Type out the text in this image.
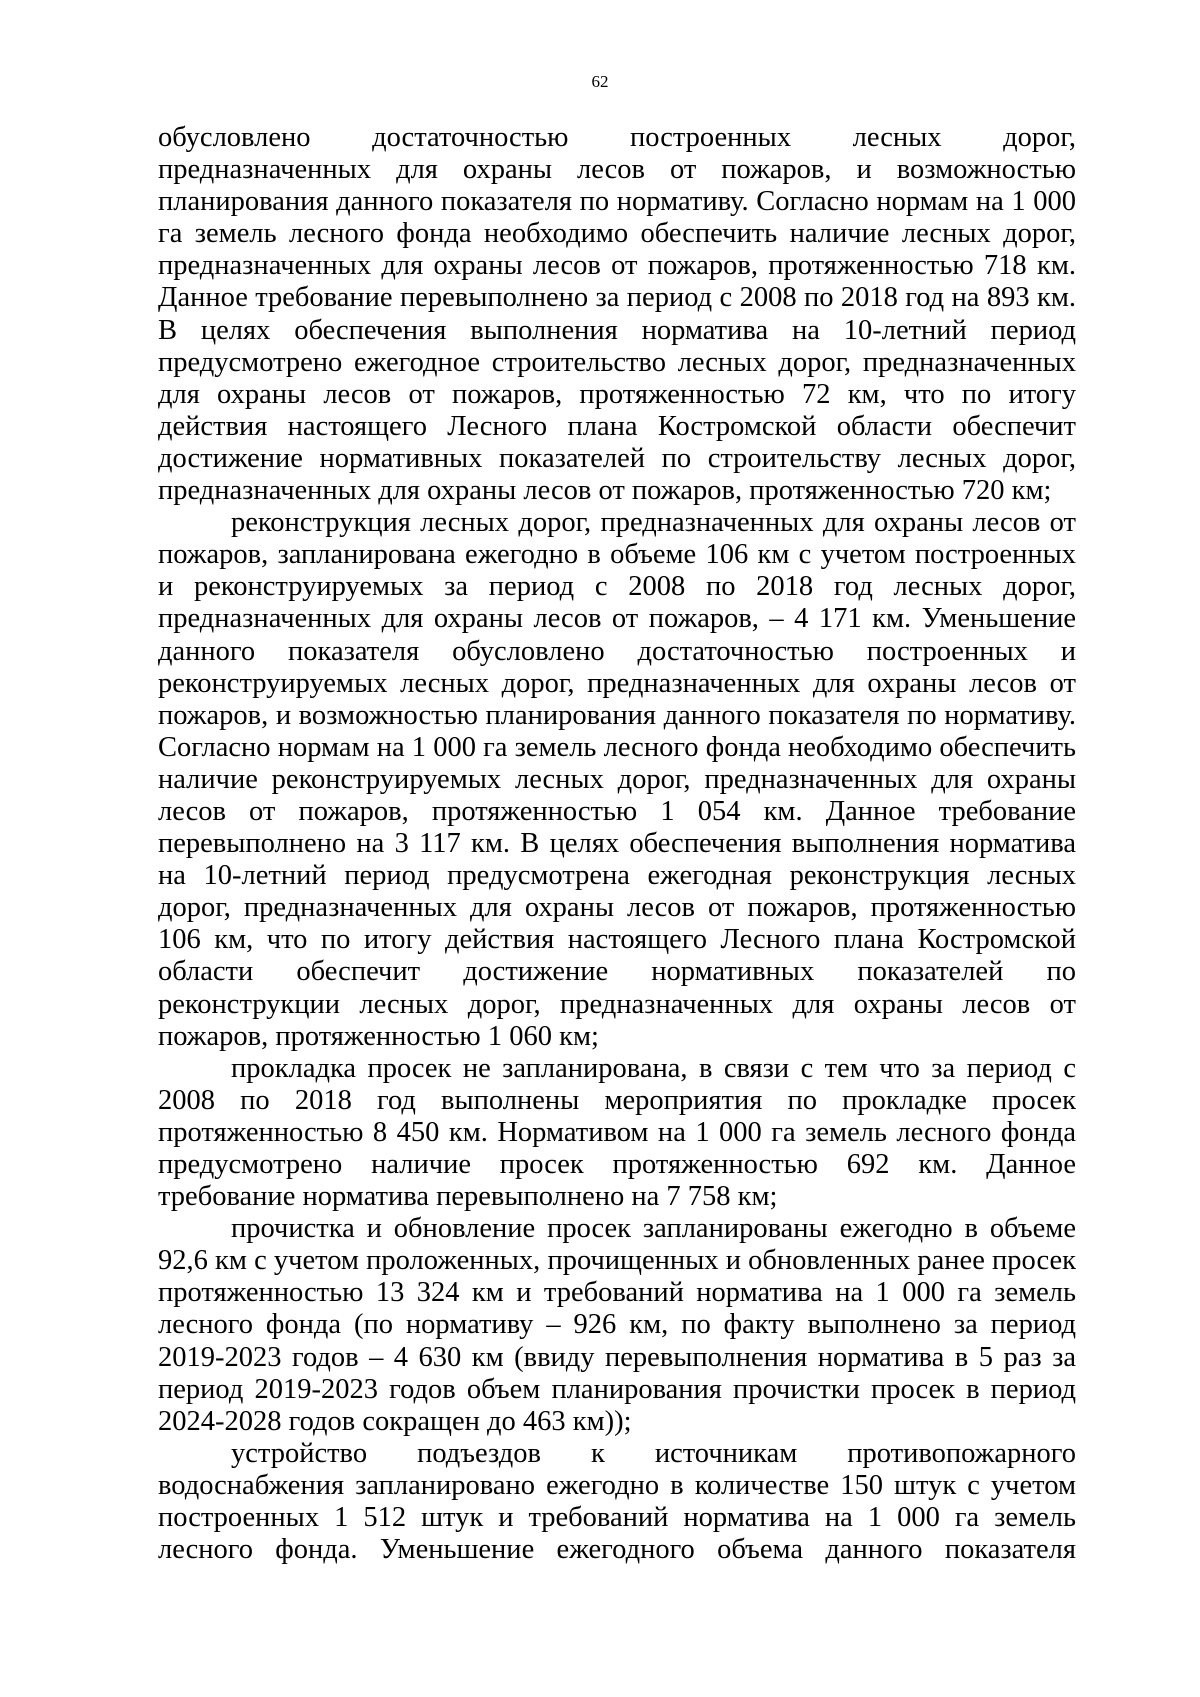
62

обусловлено достаточностью построенных лесных дорог, предназначенных для охраны лесов от пожаров, и возможностью планирования данного показателя по нормативу. Согласно нормам на 1 000 га земель лесного фонда необходимо обеспечить наличие лесных дорог, предназначенных для охраны лесов от пожаров, протяженностью 718 км. Данное требование перевыполнено за период с 2008 по 2018 год на 893 км. В целях обеспечения выполнения норматива на 10-летний период предусмотрено ежегодное строительство лесных дорог, предназначенных для охраны лесов от пожаров, протяженностью 72 км, что по итогу действия настоящего Лесного плана Костромской области обеспечит достижение нормативных показателей по строительству лесных дорог, предназначенных для охраны лесов от пожаров, протяженностью 720 км;

реконструкция лесных дорог, предназначенных для охраны лесов от пожаров, запланирована ежегодно в объеме 106 км с учетом построенных и реконструируемых за период с 2008 по 2018 год лесных дорог, предназначенных для охраны лесов от пожаров, – 4 171 км. Уменьшение данного показателя обусловлено достаточностью построенных и реконструируемых лесных дорог, предназначенных для охраны лесов от пожаров, и возможностью планирования данного показателя по нормативу. Согласно нормам на 1 000 га земель лесного фонда необходимо обеспечить наличие реконструируемых лесных дорог, предназначенных для охраны лесов от пожаров, протяженностью 1 054 км. Данное требование перевыполнено на 3 117 км. В целях обеспечения выполнения норматива на 10-летний период предусмотрена ежегодная реконструкция лесных дорог, предназначенных для охраны лесов от пожаров, протяженностью 106 км, что по итогу действия настоящего Лесного плана Костромской области обеспечит достижение нормативных показателей по реконструкции лесных дорог, предназначенных для охраны лесов от пожаров, протяженностью 1 060 км;

прокладка просек не запланирована, в связи с тем что за период с 2008 по 2018 год выполнены мероприятия по прокладке просек протяженностью 8 450 км. Нормативом на 1 000 га земель лесного фонда предусмотрено наличие просек протяженностью 692 км. Данное требование норматива перевыполнено на 7 758 км;

прочистка и обновление просек запланированы ежегодно в объеме 92,6 км с учетом проложенных, прочищенных и обновленных ранее просек протяженностью 13 324 км и требований норматива на 1 000 га земель лесного фонда (по нормативу – 926 км, по факту выполнено за период 2019-2023 годов – 4 630 км (ввиду перевыполнения норматива в 5 раз за период 2019-2023 годов объем планирования прочистки просек в период 2024-2028 годов сокращен до 463 км));

устройство подъездов к источникам противопожарного водоснабжения запланировано ежегодно в количестве 150 штук с учетом построенных 1 512 штук и требований норматива на 1 000 га земель лесного фонда. Уменьшение ежегодного объема данного показателя
